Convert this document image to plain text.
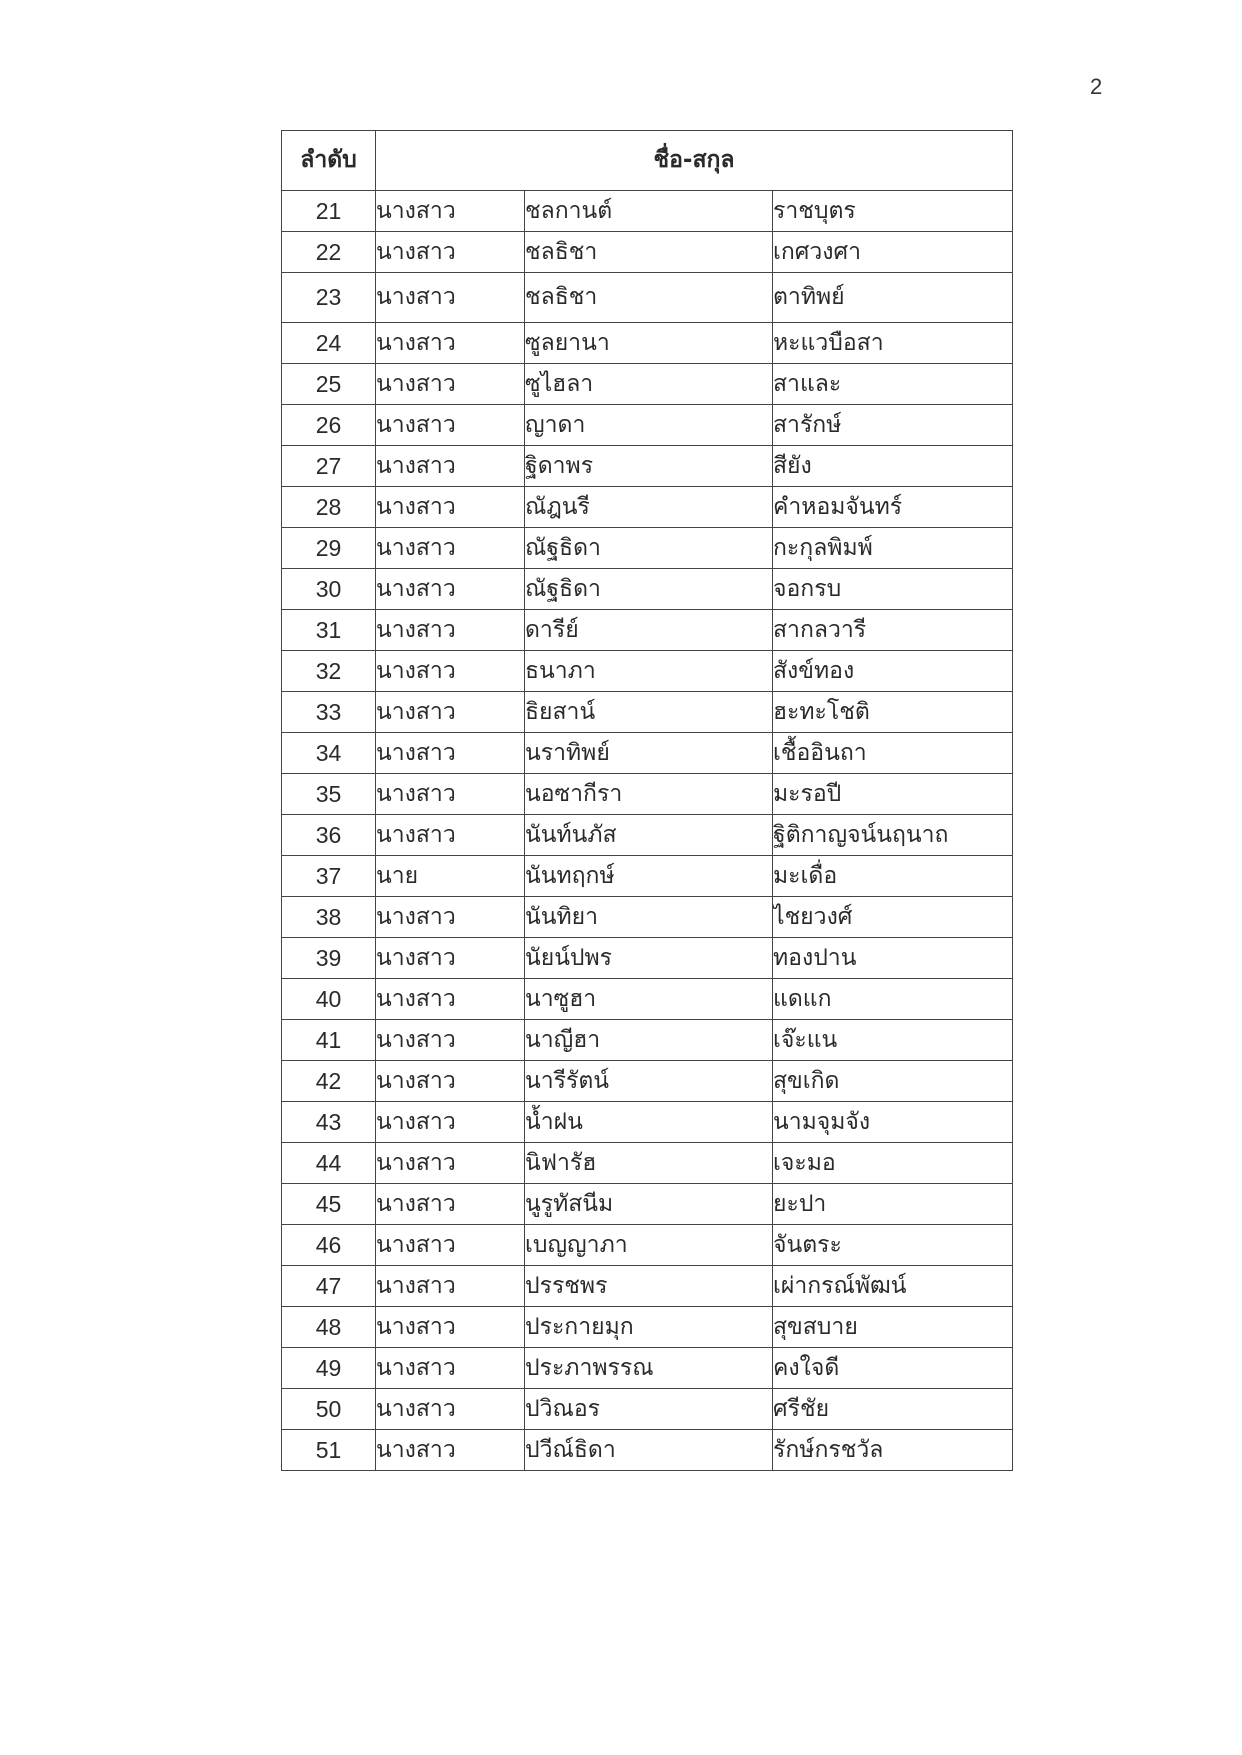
2
ลำดับ	ชื่อ-สกุล		
21	นางสาว	ชลกานต์	ราชบุตร
22	นางสาว	ชลธิชา	เกศวงศา
23	นางสาว	ชลธิชา	ตาทิพย์
24	นางสาว	ซูลยานา	หะแวบือสา
25	นางสาว	ซูไฮลา	สาและ
26	นางสาว	ญาดา	สารักษ์
27	นางสาว	ฐิดาพร	สียัง
28	นางสาว	ณัฎนรี	คำหอมจันทร์
29	นางสาว	ณัฐธิดา	กะกุลพิมพ์
30	นางสาว	ณัฐธิดา	จอกรบ
31	นางสาว	ดารีย์	สากลวารี
32	นางสาว	ธนาภา	สังข์ทอง
33	นางสาว	ธิยสาน์	ฮะทะโชติ
34	นางสาว	นราทิพย์	เชื้ออินถา
35	นางสาว	นอซากีรา	มะรอปี
36	นางสาว	นันท์นภัส	ฐิติกาญจน์นฤนาถ
37	นาย	นันทฤกษ์	มะเดื่อ
38	นางสาว	นันทิยา	ไชยวงศ์
39	นางสาว	นัยน์ปพร	ทองปาน
40	นางสาว	นาซูฮา	แดแก
41	นางสาว	นาญีฮา	เจ๊ะแน
42	นางสาว	นารีรัตน์	สุขเกิด
43	นางสาว	น้ำฝน	นามจุมจัง
44	นางสาว	นิฟารัฮ	เจะมอ
45	นางสาว	นูรูทัสนีม	ยะปา
46	นางสาว	เบญญาภา	จันตระ
47	นางสาว	ปรรชพร	เผ่ากรณ์พัฒน์
48	นางสาว	ประกายมุก	สุขสบาย
49	นางสาว	ประภาพรรณ	คงใจดี
50	นางสาว	ปวิณอร	ศรีชัย
51	นางสาว	ปวีณ์ธิดา	รักษ์กรชวัล
